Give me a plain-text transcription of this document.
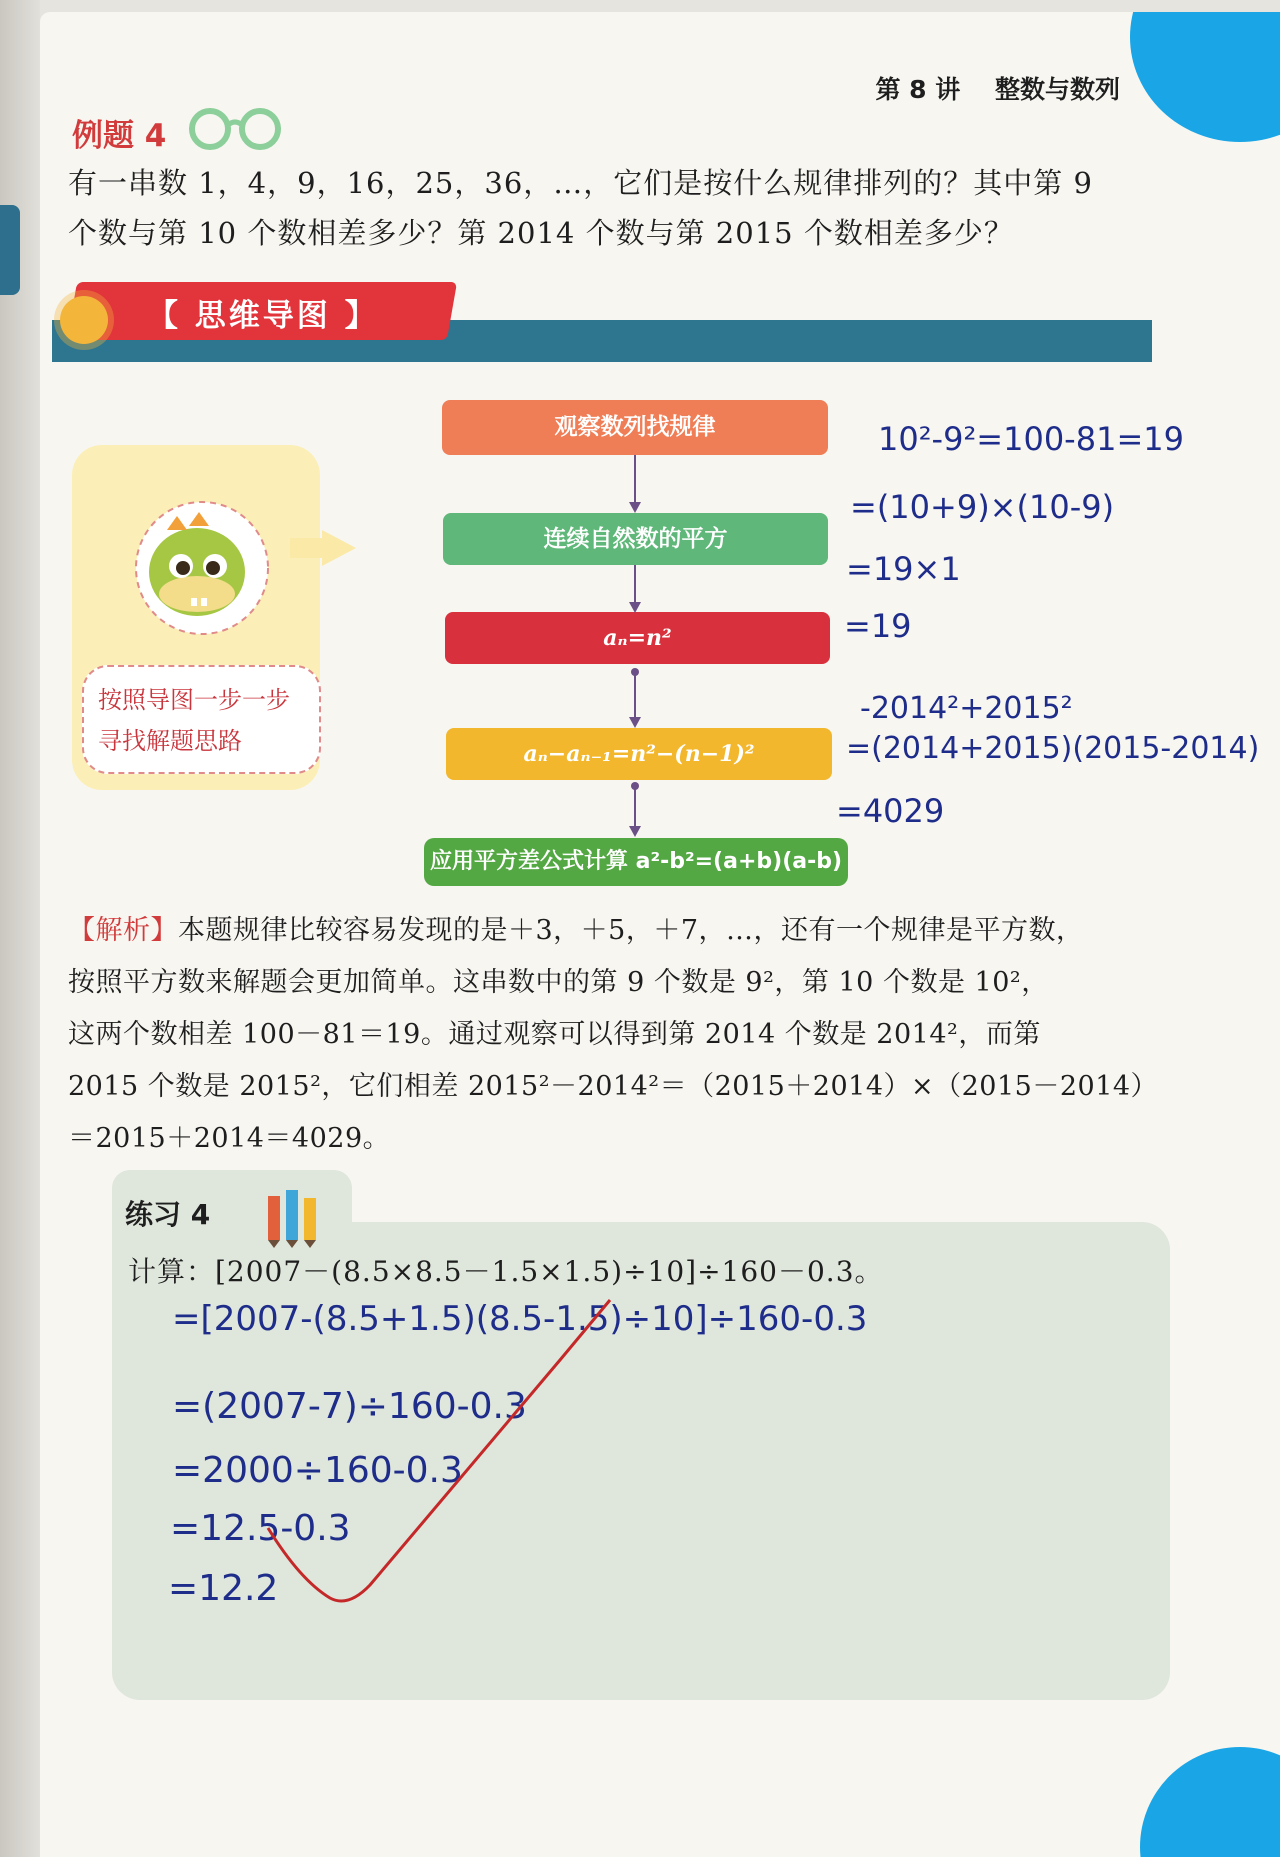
第 8 讲 整数与数列
例题 4
有一串数 1，4，9，16，25，36，…，它们是按什么规律排列的？其中第 9
个数与第 10 个数相差多少？第 2014 个数与第 2015 个数相差多少？
【 思维导图 】
按照导图一步一步寻找解题思路
观察数列找规律
连续自然数的平方
aₙ=n²
aₙ−aₙ₋₁=n²−(n−1)²
应用平方差公式计算 a²-b²=(a+b)(a-b)
10²-9²=100-81=19
=(10+9)×(10-9)
=19×1
=19
-2014²+2015²
=(2014+2015)(2015-2014)
=4029
【解析】本题规律比较容易发现的是＋3，＋5，＋7，…，还有一个规律是平方数，
按照平方数来解题会更加简单。这串数中的第 9 个数是 9²，第 10 个数是 10²，
这两个数相差 100－81＝19。通过观察可以得到第 2014 个数是 2014²，而第
2015 个数是 2015²，它们相差 2015²－2014²＝（2015＋2014）×（2015－2014）
＝2015＋2014＝4029。
练习 4
计算：[2007－(8.5×8.5－1.5×1.5)÷10]÷160－0.3。
=[2007-(8.5+1.5)(8.5-1.5)÷10]÷160-0.3
=(2007-7)÷160-0.3
=2000÷160-0.3
=12.5-0.3
=12.2
